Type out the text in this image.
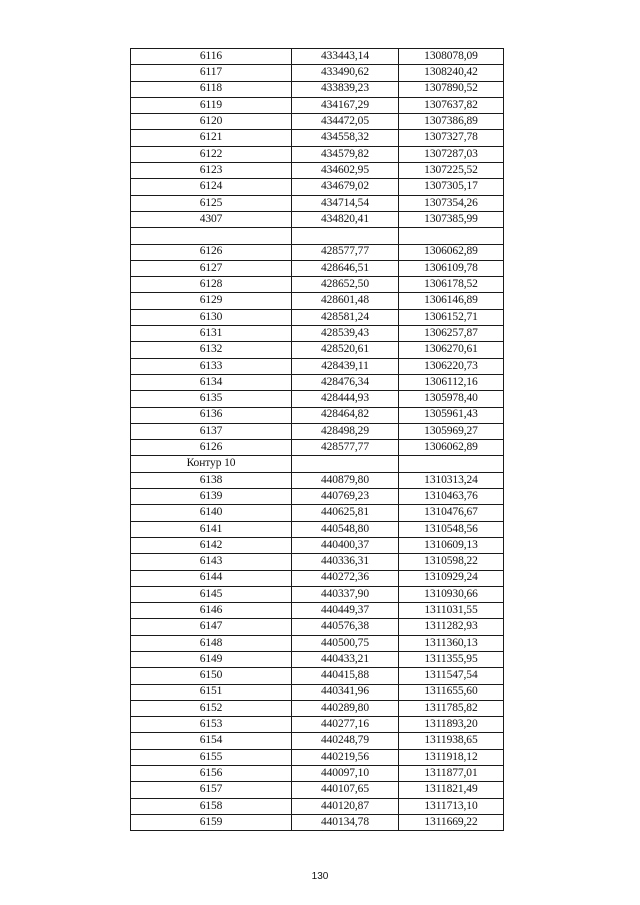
6116	433443,14	1308078,09
6117	433490,62	1308240,42
6118	433839,23	1307890,52
6119	434167,29	1307637,82
6120	434472,05	1307386,89
6121	434558,32	1307327,78
6122	434579,82	1307287,03
6123	434602,95	1307225,52
6124	434679,02	1307305,17
6125	434714,54	1307354,26
4307	434820,41	1307385,99

6126	428577,77	1306062,89
6127	428646,51	1306109,78
6128	428652,50	1306178,52
6129	428601,48	1306146,89
6130	428581,24	1306152,71
6131	428539,43	1306257,87
6132	428520,61	1306270,61
6133	428439,11	1306220,73
6134	428476,34	1306112,16
6135	428444,93	1305978,40
6136	428464,82	1305961,43
6137	428498,29	1305969,27
6126	428577,77	1306062,89
Контур 10		
6138	440879,80	1310313,24
6139	440769,23	1310463,76
6140	440625,81	1310476,67
6141	440548,80	1310548,56
6142	440400,37	1310609,13
6143	440336,31	1310598,22
6144	440272,36	1310929,24
6145	440337,90	1310930,66
6146	440449,37	1311031,55
6147	440576,38	1311282,93
6148	440500,75	1311360,13
6149	440433,21	1311355,95
6150	440415,88	1311547,54
6151	440341,96	1311655,60
6152	440289,80	1311785,82
6153	440277,16	1311893,20
6154	440248,79	1311938,65
6155	440219,56	1311918,12
6156	440097,10	1311877,01
6157	440107,65	1311821,49
6158	440120,87	1311713,10
6159	440134,78	1311669,22
130
